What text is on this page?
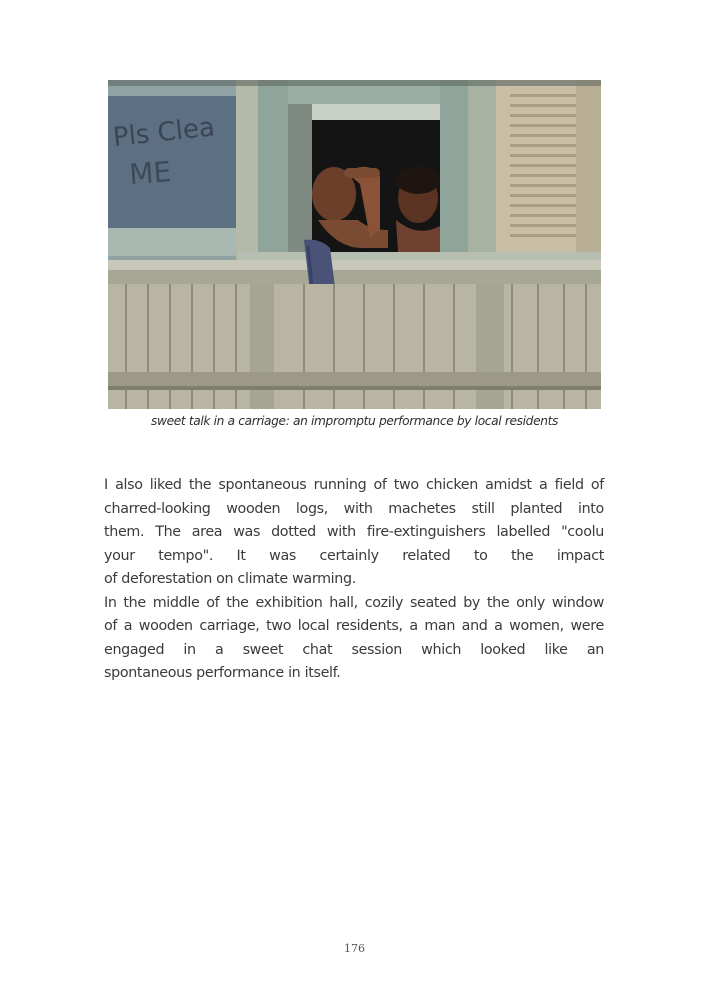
Pls Clea
ME
sweet talk in a carriage: an impromptu performance by local residents
I also liked the spontaneous running of two chicken amidst a field of
charred-looking wooden logs, with machetes still planted into
them. The area was dotted with fire-extinguishers labelled "coolu
your tempo". It was certainly related to the impact
of deforestation on climate warming.
In the middle of the exhibition hall, cozily seated by the only window
of a wooden carriage, two local residents, a man and a women, were
engaged in a sweet chat session which looked like an
spontaneous performance in itself.
176
